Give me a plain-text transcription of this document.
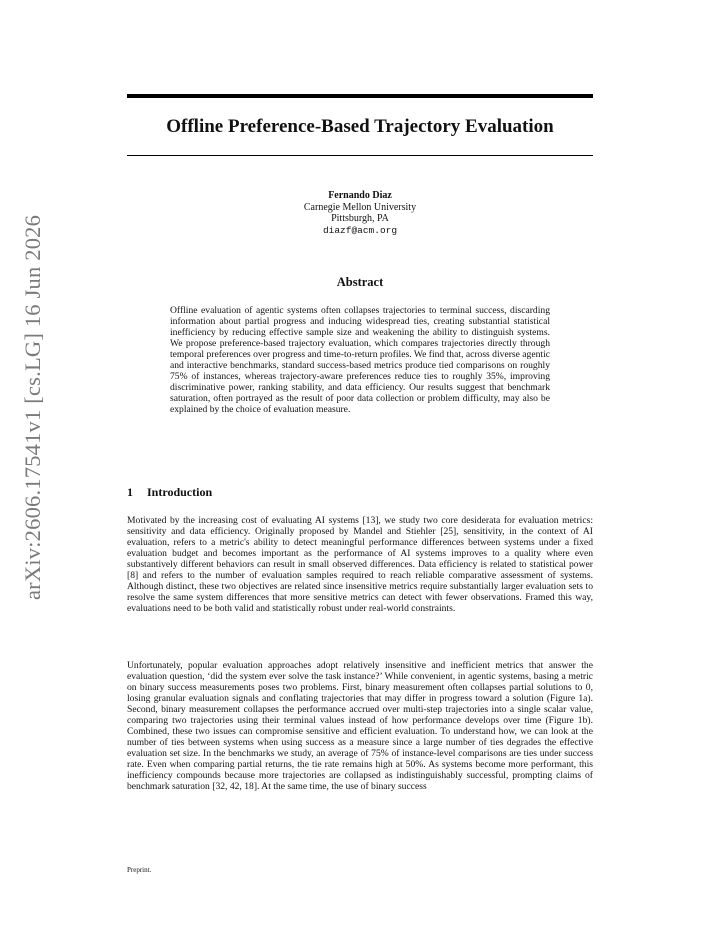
arXiv:2606.17541v1 [cs.LG] 16 Jun 2026
Offline Preference-Based Trajectory Evaluation
Fernando Diaz
Carnegie Mellon University
Pittsburgh, PA
diazf@acm.org
Abstract

Offline evaluation of agentic systems often collapses trajectories to terminal success, discarding information about partial progress and inducing widespread ties, creating substantial statistical inefficiency by reducing effective sample size and weakening the ability to distinguish systems. We propose preference-based trajectory evaluation, which compares trajectories directly through temporal preferences over progress and time-to-return profiles. We find that, across diverse agentic and interactive benchmarks, standard success-based metrics produce tied comparisons on roughly 75% of instances, whereas trajectory-aware preferences reduce ties to roughly 35%, improving discriminative power, ranking stability, and data efficiency. Our results suggest that benchmark saturation, often portrayed as the result of poor data collection or problem difficulty, may also be explained by the choice of evaluation measure.

1 Introduction

Motivated by the increasing cost of evaluating AI systems [13], we study two core desiderata for evaluation metrics: sensitivity and data efficiency. Originally proposed by Mandel and Stiehler [25], sensitivity, in the context of AI evaluation, refers to a metric's ability to detect meaningful performance differences between systems under a fixed evaluation budget and becomes important as the performance of AI systems improves to a quality where even substantively different behaviors can result in small observed differences. Data efficiency is related to statistical power [8] and refers to the number of evaluation samples required to reach reliable comparative assessment of systems. Although distinct, these two objectives are related since insensitive metrics require substantially larger evaluation sets to resolve the same system differences that more sensitive metrics can detect with fewer observations. Framed this way, evaluations need to be both valid and statistically robust under real-world constraints.

Unfortunately, popular evaluation approaches adopt relatively insensitive and inefficient metrics that answer the evaluation question, ‘did the system ever solve the task instance?’ While convenient, in agentic systems, basing a metric on binary success measurements poses two problems. First, binary measurement often collapses partial solutions to 0, losing granular evaluation signals and conflating trajectories that may differ in progress toward a solution (Figure 1a). Second, binary measurement collapses the performance accrued over multi-step trajectories into a single scalar value, comparing two trajectories using their terminal values instead of how performance develops over time (Figure 1b). Combined, these two issues can compromise sensitive and efficient evaluation. To understand how, we can look at the number of ties between systems when using success as a measure since a large number of ties degrades the effective evaluation set size. In the benchmarks we study, an average of 75% of instance-level comparisons are ties under success rate. Even when comparing partial returns, the tie rate remains high at 50%. As systems become more performant, this inefficiency compounds because more trajectories are collapsed as indistinguishably successful, prompting claims of benchmark saturation [32, 42, 18]. At the same time, the use of binary success

Preprint.
